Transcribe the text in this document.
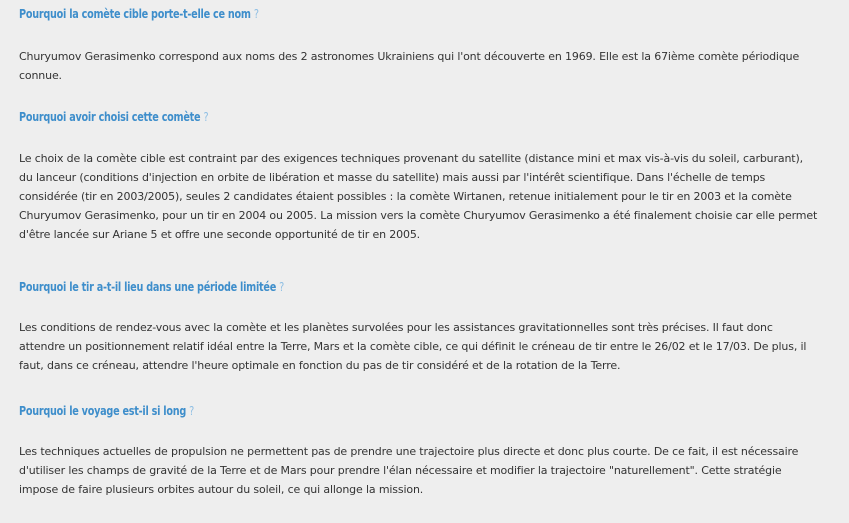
Pourquoi la comète cible porte-t-elle ce nom ?

Churyumov Gerasimenko correspond aux noms des 2 astronomes Ukrainiens qui l'ont découverte en 1969. Elle est la 67ième comète périodique connue.

Pourquoi avoir choisi cette comète ?

Le choix de la comète cible est contraint par des exigences techniques provenant du satellite (distance mini et max vis-à-vis du soleil, carburant), du lanceur (conditions d'injection en orbite de libération et masse du satellite) mais aussi par l'intérêt scientifique. Dans l'échelle de temps considérée (tir en 2003/2005), seules 2 candidates étaient possibles : la comète Wirtanen, retenue initialement pour le tir en 2003 et la comète Churyumov Gerasimenko, pour un tir en 2004 ou 2005. La mission vers la comète Churyumov Gerasimenko a été finalement choisie car elle permet d'être lancée sur Ariane 5 et offre une seconde opportunité de tir en 2005.

Pourquoi le tir a-t-il lieu dans une période limitée ?

Les conditions de rendez-vous avec la comète et les planètes survolées pour les assistances gravitationnelles sont très précises. Il faut donc attendre un positionnement relatif idéal entre la Terre, Mars et la comète cible, ce qui définit le créneau de tir entre le 26/02 et le 17/03. De plus, il faut, dans ce créneau, attendre l'heure optimale en fonction du pas de tir considéré et de la rotation de la Terre.

Pourquoi le voyage est-il si long ?

Les techniques actuelles de propulsion ne permettent pas de prendre une trajectoire plus directe et donc plus courte. De ce fait, il est nécessaire d'utiliser les champs de gravité de la Terre et de Mars pour prendre l'élan nécessaire et modifier la trajectoire "naturellement". Cette stratégie impose de faire plusieurs orbites autour du soleil, ce qui allonge la mission.
